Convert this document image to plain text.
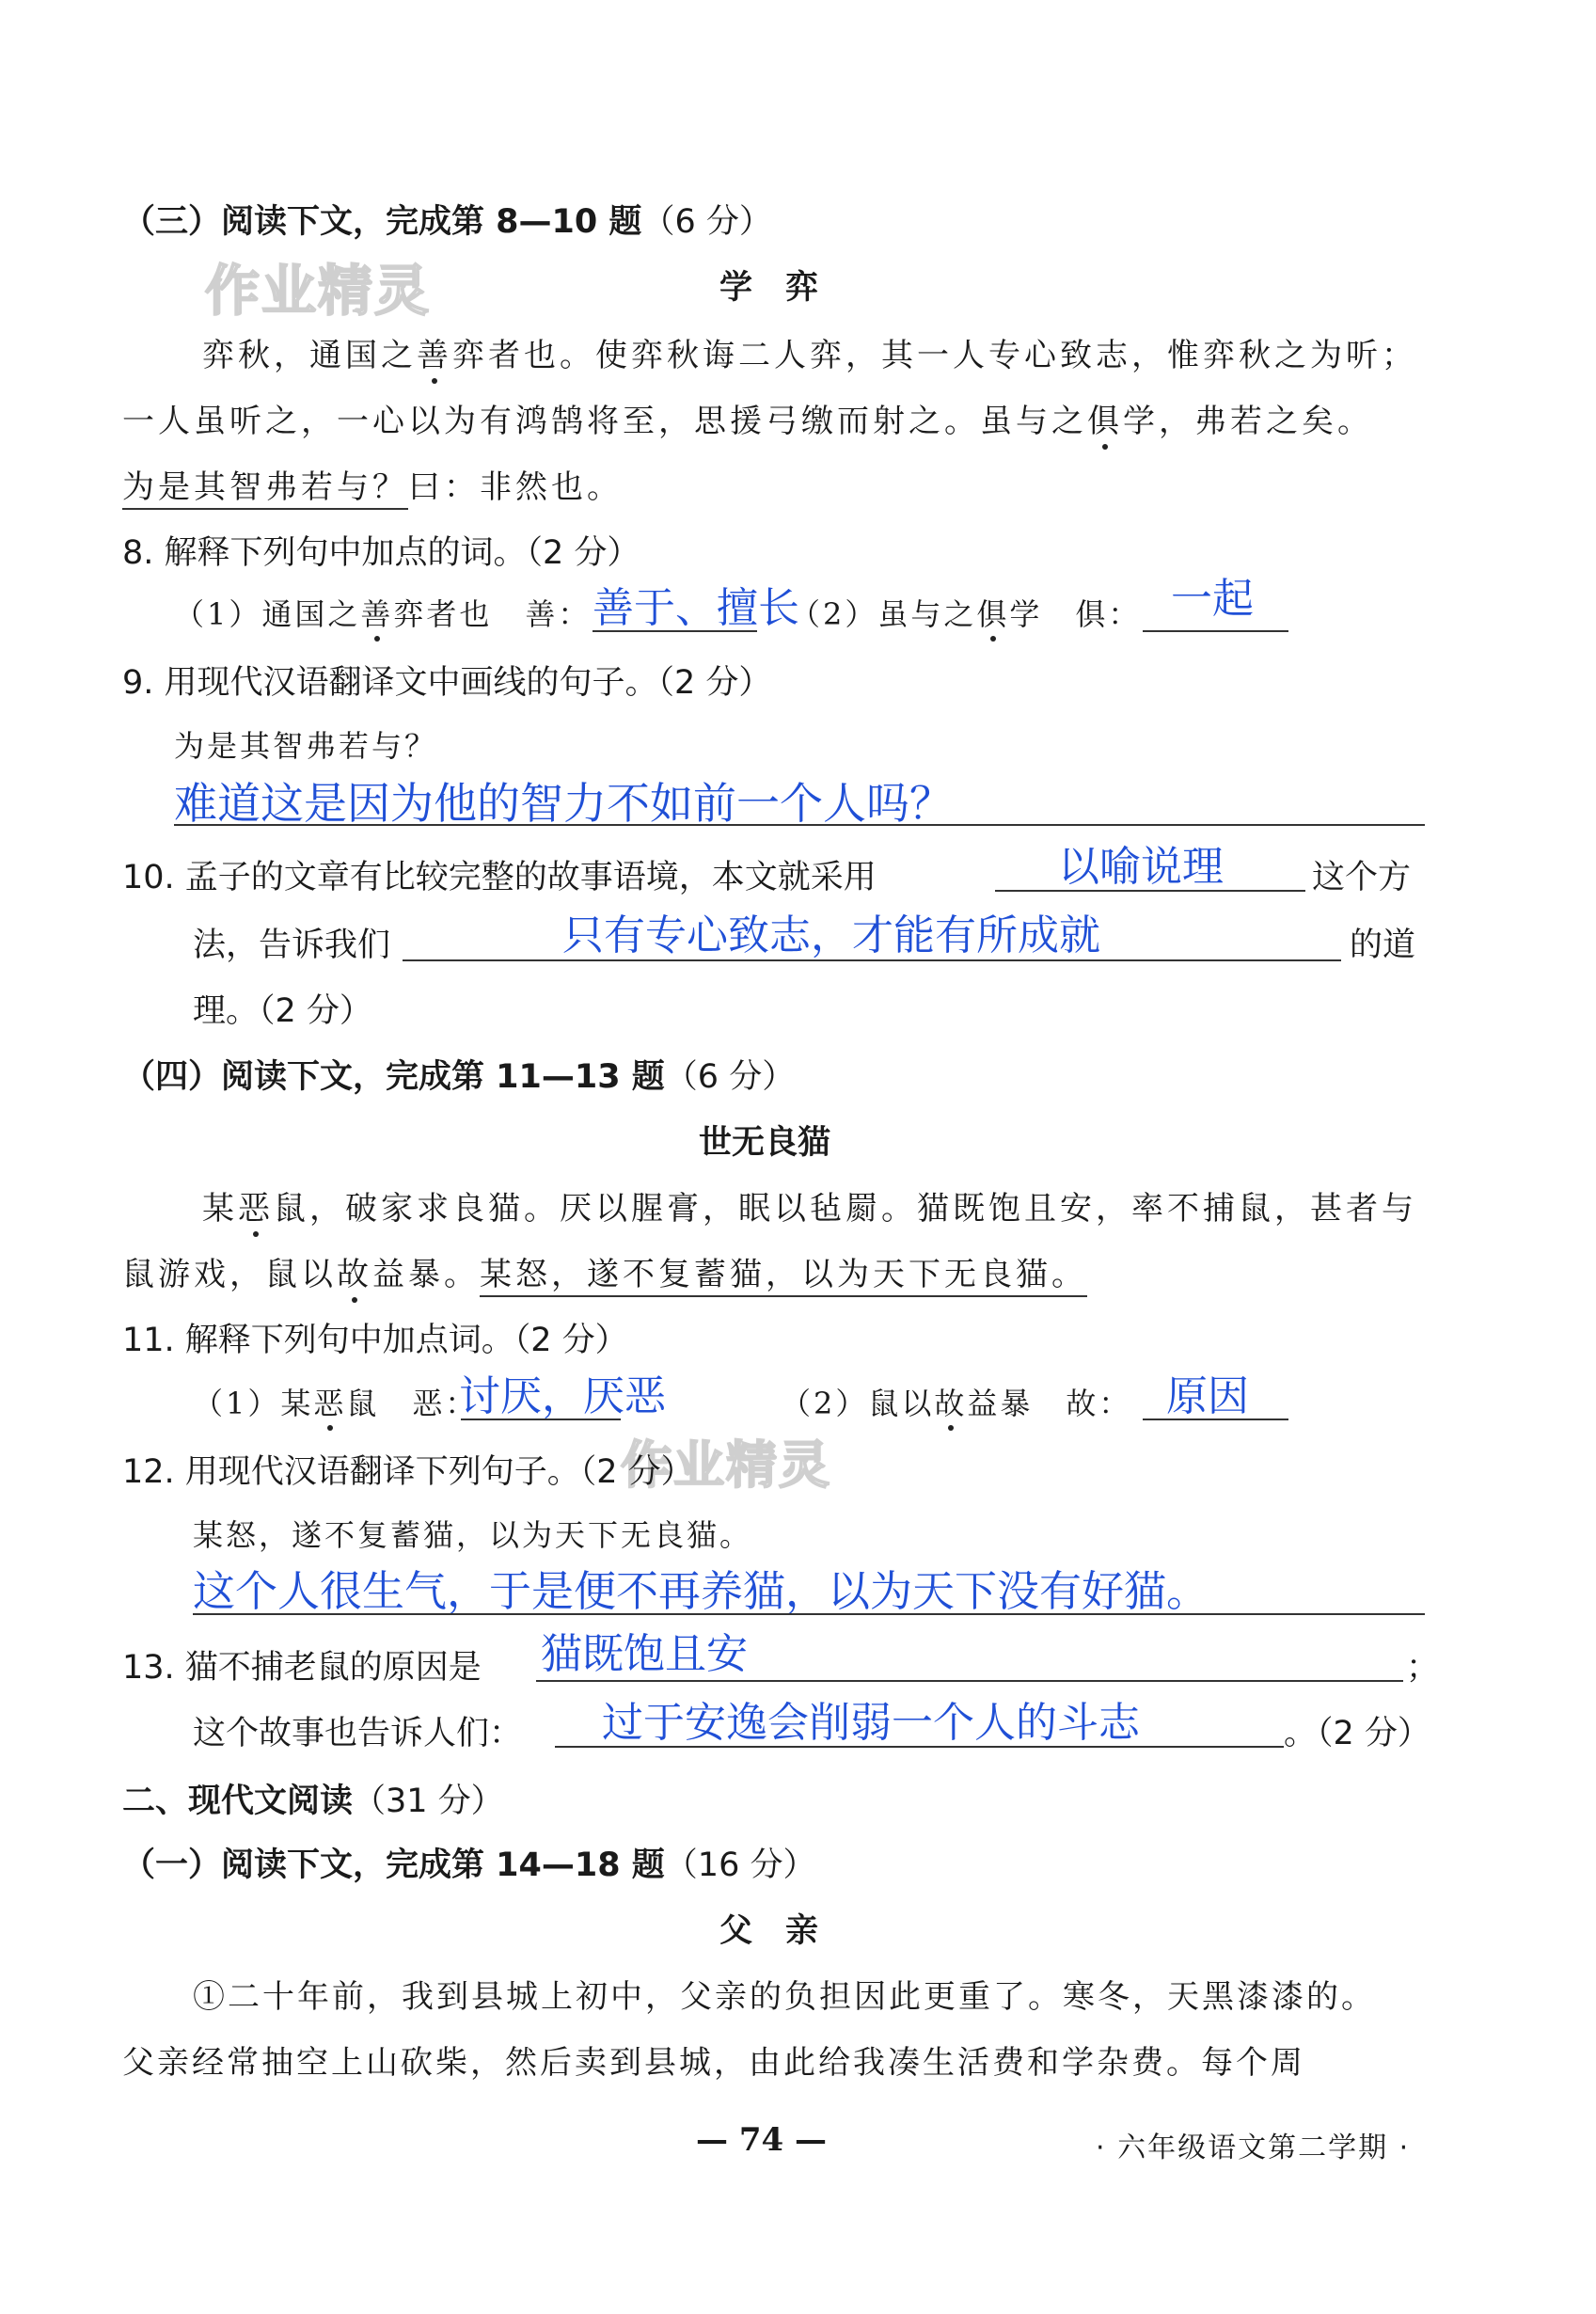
作业精灵
作业精灵
（三）阅读下文，完成第 8—10 题（6 分）
学　弈
弈秋，通国之善弈者也。使弈秋诲二人弈，其一人专心致志，惟弈秋之为听；
一人虽听之，一心以为有鸿鹄将至，思援弓缴而射之。虽与之俱学，弗若之矣。
为是其智弗若与？曰：非然也。
8. 解释下列句中加点的词。（2 分）
（1）通国之善弈者也　善： 善于、擅长
（2）虽与之俱学　俱： 一起
9. 用现代汉语翻译文中画线的句子。（2 分）
为是其智弗若与？
难道这是因为他的智力不如前一个人吗？
10. 孟子的文章有比较完整的故事语境，本文就采用	以喻说理	这个方
法，告诉我们	只有专心致志，才能有所成就	的道
理。（2 分）
（四）阅读下文，完成第 11—13 题（6 分）
世无良猫
某恶鼠，破家求良猫。厌以腥膏，眠以毡罽。猫既饱且安，率不捕鼠，甚者与
鼠游戏，鼠以故益暴。某怒，遂不复蓄猫，以为天下无良猫。
11. 解释下列句中加点词。（2 分）
（1）某恶鼠　恶：
讨厌，厌恶	（2）鼠以故益暴　故： 原因
12. 用现代汉语翻译下列句子。（2 分）
某怒，遂不复蓄猫，以为天下无良猫。
这个人很生气，于是便不再养猫，以为天下没有好猫。
13. 猫不捕老鼠的原因是 猫既饱且安	；
这个故事也告诉人们： 过于安逸会削弱一个人的斗志	。（2 分）
二、现代文阅读（31 分）
（一）阅读下文，完成第 14—18 题（16 分）
父　亲
①二十年前，我到县城上初中，父亲的负担因此更重了。寒冬，天黑漆漆的。
父亲经常抽空上山砍柴，然后卖到县城，由此给我凑生活费和学杂费。每个周
— 74 —	· 六年级语文第二学期 ·
